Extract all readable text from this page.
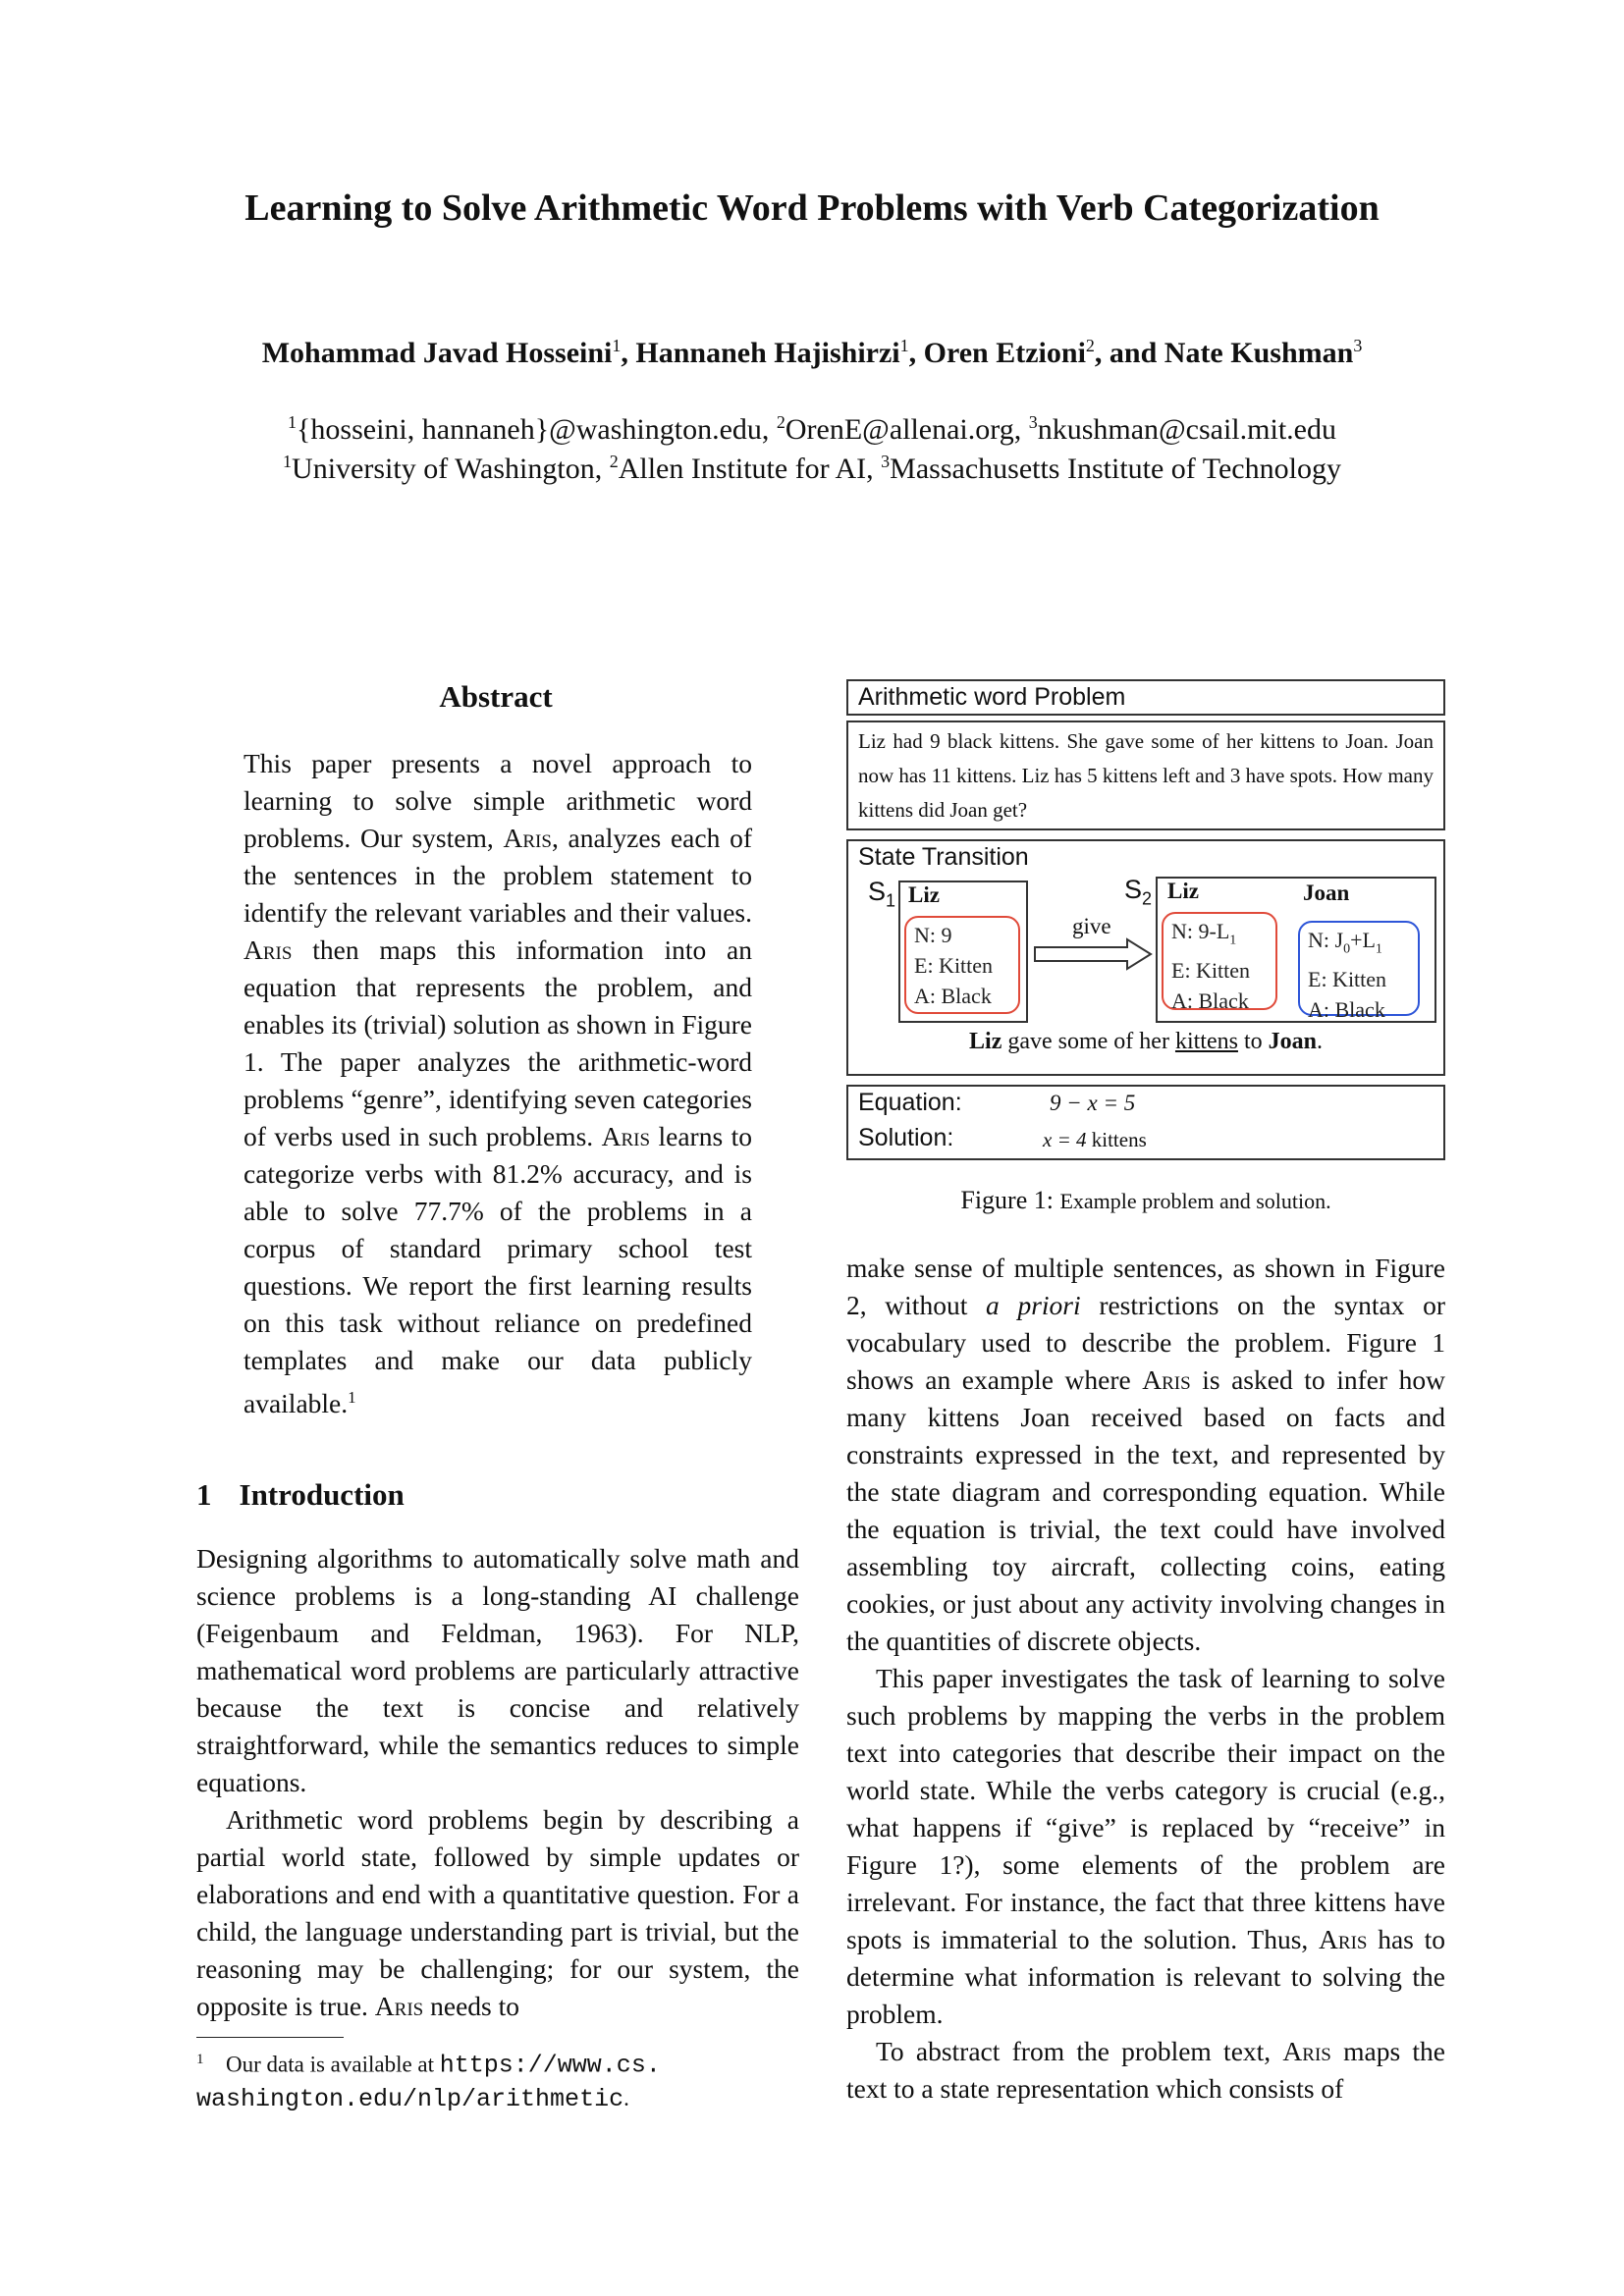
Learning to Solve Arithmetic Word Problems with Verb Categorization
Mohammad Javad Hosseini$^1$, Hannaneh Hajishirzi$^1$, Oren Etzioni$^2$, and Nate Kushman$^3$
$^1${hosseini, hannaneh}@washington.edu, $^2$OrenE@allenai.org, $^3$nkushman@csail.mit.edu
$^1$University of Washington, $^2$Allen Institute for AI, $^3$Massachusetts Institute of Technology
Abstract
This paper presents a novel approach to learning to solve simple arithmetic word problems. Our system, Aris, analyzes each of the sentences in the problem statement to identify the relevant variables and their values. Aris then maps this information into an equation that represents the problem, and enables its (trivial) solution as shown in Figure 1. The paper analyzes the arithmetic-word problems “genre”, identifying seven categories of verbs used in such problems. Aris learns to categorize verbs with 81.2% accuracy, and is able to solve 77.7% of the problems in a corpus of standard primary school test questions. We report the first learning results on this task without reliance on predefined templates and make our data publicly available.$^1$
1 Introduction

Designing algorithms to automatically solve math and science problems is a long-standing AI challenge (Feigenbaum and Feldman, 1963). For NLP, mathematical word problems are particularly attractive because the text is concise and relatively straightforward, while the semantics reduces to simple equations.

Arithmetic word problems begin by describing a partial world state, followed by simple updates or elaborations and end with a quantitative question. For a child, the language understanding part is trivial, but the reasoning may be challenging; for our system, the opposite is true. Aris needs to

$^1$ Our data is available at https://www.cs.
washington.edu/nlp/arithmetic.
Arithmetic word Problem
Liz had 9 black kittens. She gave some of her kittens to Joan. Joan now has 11 kittens. Liz has 5 kittens left and 3 have spots. How many kittens did Joan get?
State Transition
$S_1$ Liz
N: 9
E: Kitten
A: Black
give
$S_2$ Liz	Joan
N: $9-L_1$
E: Kitten
A: Black
N: $J_0+L_1$
E: Kitten
A: Black
Liz gave some of her kittens to Joan.
Equation:	9 − x = 5
Solution:	x = 4 kittens
Figure 1: Example problem and solution.

make sense of multiple sentences, as shown in Figure 2, without a priori restrictions on the syntax or vocabulary used to describe the problem. Figure 1 shows an example where Aris is asked to infer how many kittens Joan received based on facts and constraints expressed in the text, and represented by the state diagram and corresponding equation. While the equation is trivial, the text could have involved assembling toy aircraft, collecting coins, eating cookies, or just about any activity involving changes in the quantities of discrete objects.

This paper investigates the task of learning to solve such problems by mapping the verbs in the problem text into categories that describe their impact on the world state. While the verbs category is crucial (e.g., what happens if “give” is replaced by “receive” in Figure 1?), some elements of the problem are irrelevant. For instance, the fact that three kittens have spots is immaterial to the solution. Thus, Aris has to determine what information is relevant to solving the problem.

To abstract from the problem text, Aris maps the text to a state representation which consists of
